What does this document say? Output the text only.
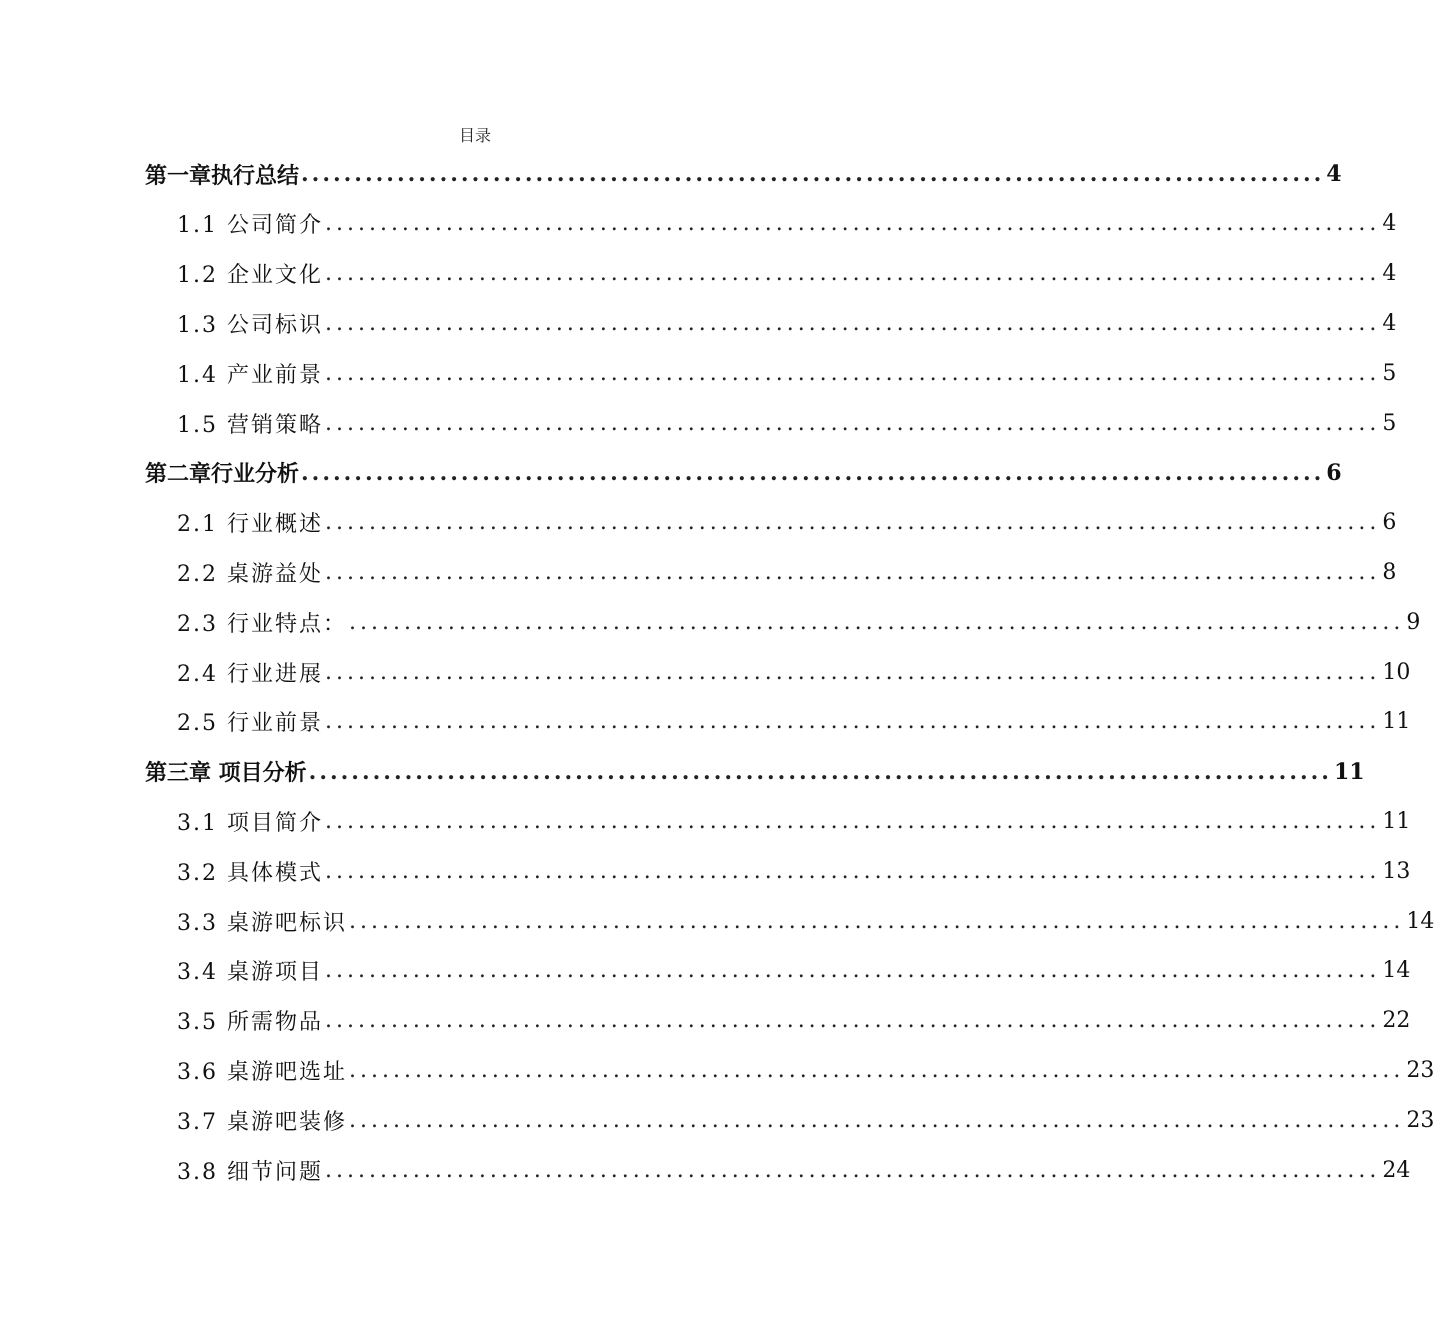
目录
第一章执行总结 ................................................................................................ 4
1.1 公司简介 ................................................................................................ 4
1.2 企业文化 ................................................................................................ 4
1.3 公司标识 ................................................................................................ 4
1.4 产业前景 ................................................................................................ 5
1.5 营销策略 ................................................................................................ 5
第二章行业分析 ................................................................................................ 6
2.1 行业概述 ................................................................................................ 6
2.2 桌游益处 ................................................................................................ 8
2.3 行业特点： ................................................................................................ 9
2.4 行业进展 ................................................................................................ 10
2.5 行业前景 ................................................................................................ 11
第三章 项目分析 ................................................................................................ 11
3.1 项目简介 ................................................................................................ 11
3.2 具体模式 ................................................................................................ 13
3.3 桌游吧标识 ................................................................................................ 14
3.4 桌游项目 ................................................................................................ 14
3.5 所需物品 ................................................................................................ 22
3.6 桌游吧选址 ................................................................................................ 23
3.7 桌游吧装修 ................................................................................................ 23
3.8 细节问题 ................................................................................................ 24
